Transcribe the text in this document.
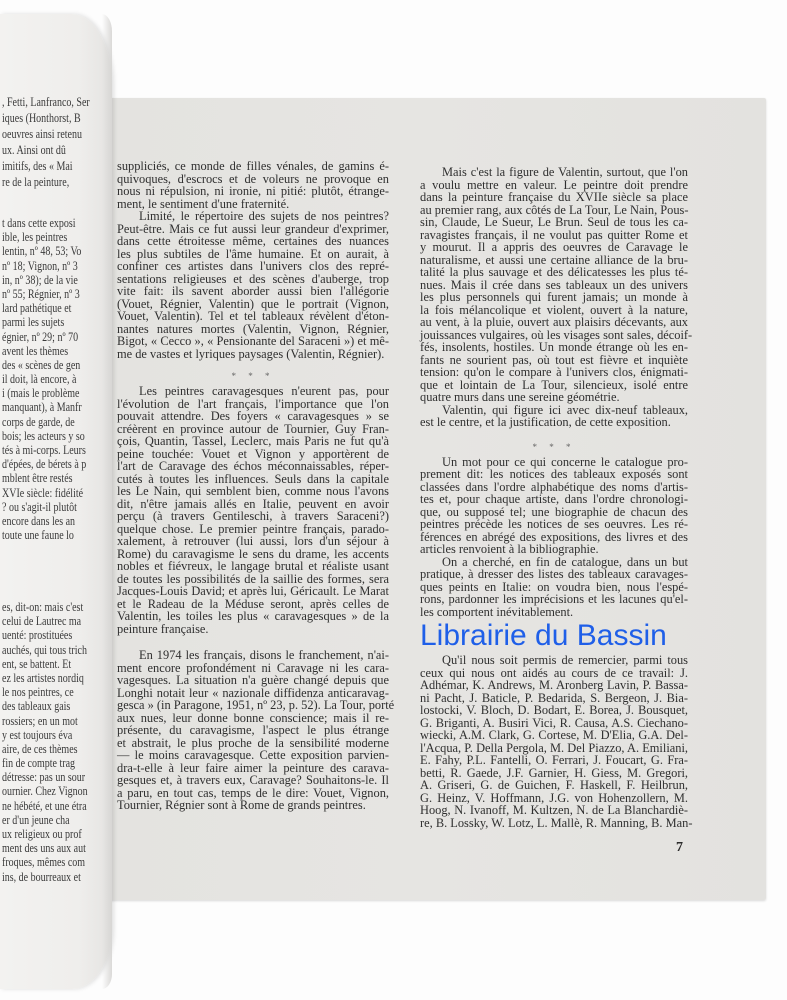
, Fetti, Lanfranco, Ser
iques (Honthorst, B
oeuvres ainsi retenu
ux. Ainsi ont dû
imitifs, des « Mai
re de la peinture,
t dans cette exposi
ible, les peintres
lentin, nº 48, 53; Vo
nº 18; Vignon, nº 3
in, nº 38); de la vie
nº 55; Régnier, nº 3
lard pathétique et
parmi les sujets
égnier, nº 29; nº 70
avent les thèmes
des « scènes de gen
il doit, là encore, à
i (mais le problème
manquant), à Manfr
corps de garde, de
bois; les acteurs y so
tés à mi-corps. Leurs
d'épées, de bérets à p
mblent être restés
XVIe siècle: fidélité
? ou s'agit-il plutôt
encore dans les an
toute une faune lo
es, dit-on: mais c'est
celui de Lautrec ma
uenté: prostituées
auchés, qui tous trich
ent, se battent. Et
ez les artistes nordiq
le nos peintres, ce
des tableaux gais
rossiers; en un mot
y est toujours éva
aire, de ces thèmes
fin de compte trag
détresse: pas un sour
ournier. Chez Vignon
ne hébété, et une étra
er d'un jeune cha
ux religieux ou prof
ment des uns aux aut
froques, mêmes com
ins, de bourreaux et
suppliciés, ce monde de filles vénales, de gamins é-
quivoques, d'escrocs et de voleurs ne provoque en
nous ni répulsion, ni ironie, ni pitié: plutôt, étrange-
ment, le sentiment d'une fraternité.
Limité, le répertoire des sujets de nos peintres?
Peut-être. Mais ce fut aussi leur grandeur d'exprimer,
dans cette étroitesse même, certaines des nuances
les plus subtiles de l'âme humaine. Et on aurait, à
confiner ces artistes dans l'univers clos des repré-
sentations religieuses et des scènes d'auberge, trop
vite fait: ils savent aborder aussi bien l'allégorie
(Vouet, Régnier, Valentin) que le portrait (Vignon,
Vouet, Valentin). Tel et tel tableaux révèlent d'éton-
nantes natures mortes (Valentin, Vignon, Régnier,
Bigot, « Cecco », « Pensionante del Saraceni ») et mê-
me de vastes et lyriques paysages (Valentin, Régnier).
* * *
Les peintres caravagesques n'eurent pas, pour
l'évolution de l'art français, l'importance que l'on
pouvait attendre. Des foyers « caravagesques » se
créèrent en province autour de Tournier, Guy Fran-
çois, Quantin, Tassel, Leclerc, mais Paris ne fut qu'à
peine touchée: Vouet et Vignon y apportèrent de
l'art de Caravage des échos méconnaissables, réper-
cutés à toutes les influences. Seuls dans la capitale
les Le Nain, qui semblent bien, comme nous l'avons
dit, n'être jamais allés en Italie, peuvent en avoir
perçu (à travers Gentileschi, à travers Saraceni?)
quelque chose. Le premier peintre français, parado-
xalement, à retrouver (lui aussi, lors d'un séjour à
Rome) du caravagisme le sens du drame, les accents
nobles et fiévreux, le langage brutal et réaliste usant
de toutes les possibilités de la saillie des formes, sera
Jacques-Louis David; et après lui, Géricault. Le Marat
et le Radeau de la Méduse seront, après celles de
Valentin, les toiles les plus « caravagesques » de la
peinture française.
En 1974 les français, disons le franchement, n'ai-
ment encore profondément ni Caravage ni les cara-
vagesques. La situation n'a guère changé depuis que
Longhi notait leur « nazionale diffidenza anticaravag-
gesca » (in Paragone, 1951, nº 23, p. 52). La Tour, porté
aux nues, leur donne bonne conscience; mais il re-
présente, du caravagisme, l'aspect le plus étrange
et abstrait, le plus proche de la sensibilité moderne
— le moins caravagesque. Cette exposition parvien-
dra-t-elle à leur faire aimer la peinture des carava-
gesques et, à travers eux, Caravage? Souhaitons-le. Il
a paru, en tout cas, temps de le dire: Vouet, Vignon,
Tournier, Régnier sont à Rome de grands peintres.
Mais c'est la figure de Valentin, surtout, que l'on
a voulu mettre en valeur. Le peintre doit prendre
dans la peinture française du XVIIe siècle sa place
au premier rang, aux côtés de La Tour, Le Nain, Pous-
sin, Claude, Le Sueur, Le Brun. Seul de tous les ca-
ravagistes français, il ne voulut pas quitter Rome et
y mourut. Il a appris des oeuvres de Caravage le
naturalisme, et aussi une certaine alliance de la bru-
talité la plus sauvage et des délicatesses les plus té-
nues. Mais il crée dans ses tableaux un des univers
les plus personnels qui furent jamais; un monde à
la fois mélancolique et violent, ouvert à la nature,
au vent, à la pluie, ouvert aux plaisirs décevants, aux
jouissances vulgaires, où les visages sont sales, décoif-
fés, insolents, hostiles. Un monde étrange où les en-
fants ne sourient pas, où tout est fièvre et inquiète
tension: qu'on le compare à l'univers clos, énigmati-
que et lointain de La Tour, silencieux, isolé entre
quatre murs dans une sereine géométrie.
Valentin, qui figure ici avec dix-neuf tableaux,
est le centre, et la justification, de cette exposition.
* * *
Un mot pour ce qui concerne le catalogue pro-
prement dit: les notices des tableaux exposés sont
classées dans l'ordre alphabétique des noms d'artis-
tes et, pour chaque artiste, dans l'ordre chronologi-
que, ou supposé tel; une biographie de chacun des
peintres précède les notices de ses oeuvres. Les ré-
férences en abrégé des expositions, des livres et des
articles renvoient à la bibliographie.
On a cherché, en fin de catalogue, dans un but
pratique, à dresser des listes des tableaux caravages-
ques peints en Italie: on voudra bien, nous l'espé-
rons, pardonner les imprécisions et les lacunes qu'el-
les comportent inévitablement.
Qu'il nous soit permis de remercier, parmi tous
ceux qui nous ont aidés au cours de ce travail: J.
Adhémar, K. Andrews, M. Aronberg Lavin, P. Bassa-
ni Pacht, J. Baticle, P. Bedarida, S. Bergeon, J. Bia-
lostocki, V. Bloch, D. Bodart, E. Borea, J. Bousquet,
G. Briganti, A. Busiri Vici, R. Causa, A.S. Ciechano-
wiecki, A.M. Clark, G. Cortese, M. D'Elia, G.A. Del-
l'Acqua, P. Della Pergola, M. Del Piazzo, A. Emiliani,
E. Fahy, P.L. Fantelli, O. Ferrari, J. Foucart, G. Fra-
betti, R. Gaede, J.F. Garnier, H. Giess, M. Gregori,
A. Griseri, G. de Guichen, F. Haskell, F. Heilbrun,
G. Heinz, V. Hoffmann, J.G. von Hohenzollern, M.
Hoog, N. Ivanoff, M. Kultzen, N. de La Blanchardiè-
re, B. Lossky, W. Lotz, L. Mallè, R. Manning, B. Man-
7
Librairie du Bassin
